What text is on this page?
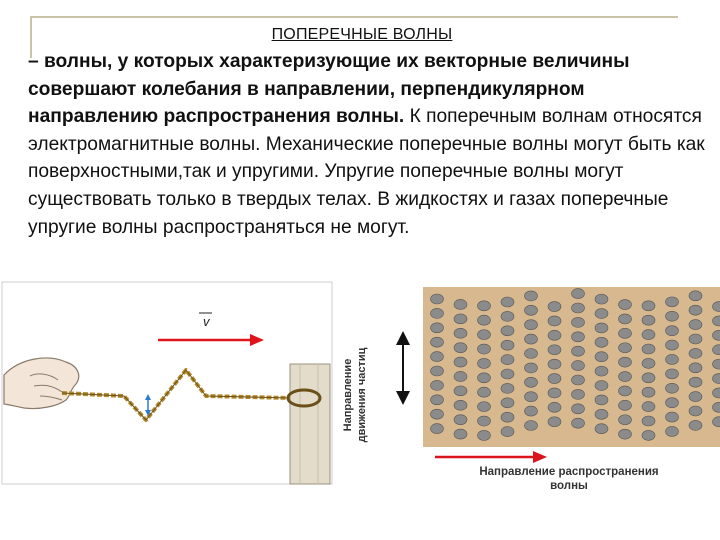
ПОПЕРЕЧНЫЕ ВОЛНЫ
– волны, у которых характеризующие их векторные величины совершают колебания в направлении, перпендикулярном направлению распространения волны. К поперечным волнам относятся электромагнитные волны. Механические поперечные волны могут быть как поверхностными,так и упругими. Упругие поперечные волны могут существовать только в твердых телах. В жидкостях и газах поперечные упругие волны распространяться не могут.
v
Направление движения частиц
Направление распространения
волны
